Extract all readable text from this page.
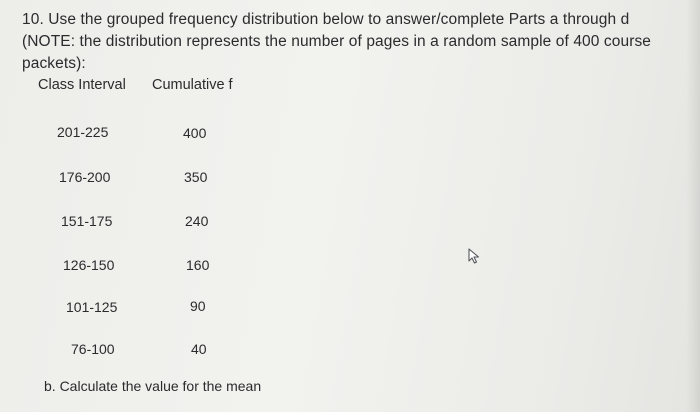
10. Use the grouped frequency distribution below to answer/complete Parts a through d (NOTE: the distribution represents the number of pages in a random sample of 400 course packets):
Class Interval Cumulative f
201-225	400
176-200	350
151-175	240
126-150	160
101-125	90
76-100	40
b. Calculate the value for the mean
